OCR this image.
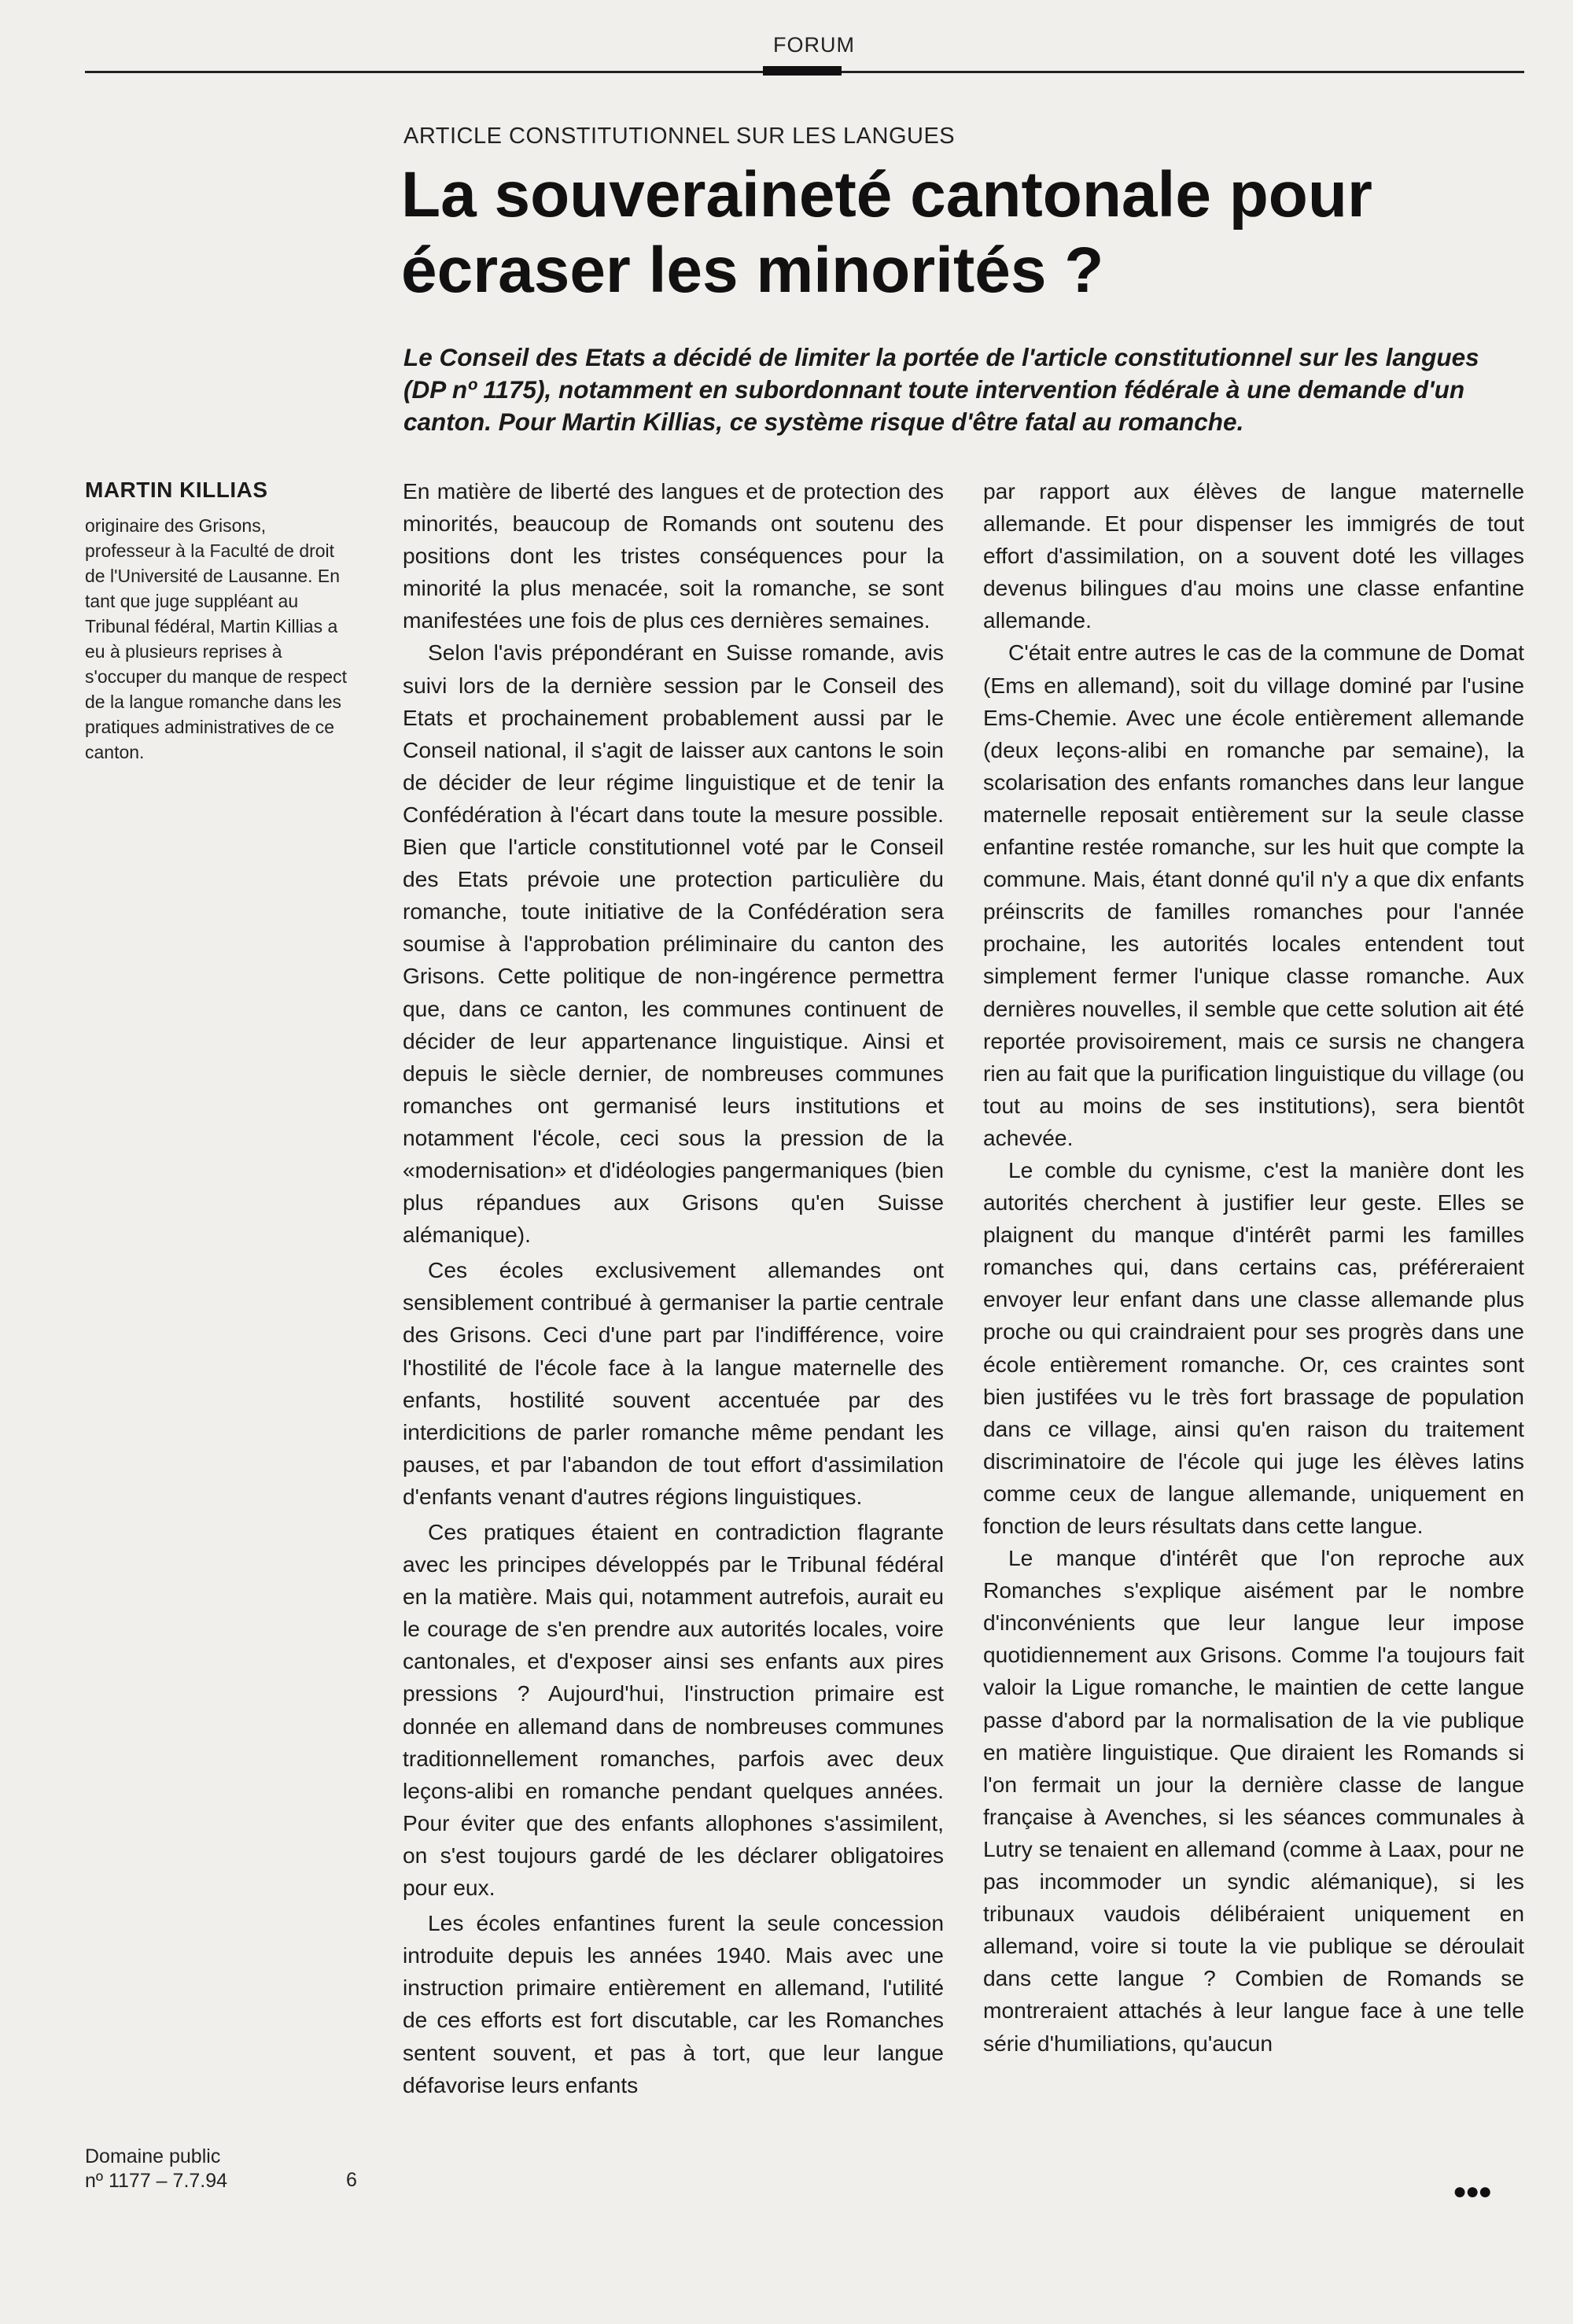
FORUM
ARTICLE CONSTITUTIONNEL SUR LES LANGUES
La souveraineté cantonale pour
écraser les minorités ?

Le Conseil des Etats a décidé de limiter la portée de l'article constitutionnel sur les langues (DP nº 1175), notamment en subordonnant toute intervention fédérale à une demande d'un canton. Pour Martin Killias, ce système risque d'être fatal au romanche.

MARTIN KILLIAS

originaire des Grisons, professeur à la Faculté de droit de l'Université de Lausanne. En tant que juge suppléant au Tribunal fédéral, Martin Killias a eu à plusieurs reprises à s'occuper du manque de respect de la langue romanche dans les pratiques administratives de ce canton.

Domaine public
nº 1177 – 7.7.94	6

En matière de liberté des langues et de protection des minorités, beaucoup de Romands ont soutenu des positions dont les tristes conséquences pour la minorité la plus menacée, soit la romanche, se sont manifestées une fois de plus ces dernières semaines.

Selon l'avis prépondérant en Suisse romande, avis suivi lors de la dernière session par le Conseil des Etats et prochainement probablement aussi par le Conseil national, il s'agit de laisser aux cantons le soin de décider de leur régime linguistique et de tenir la Confédération à l'écart dans toute la mesure possible. Bien que l'article constitutionnel voté par le Conseil des Etats prévoie une protection particulière du romanche, toute initiative de la Confédération sera soumise à l'approbation préliminaire du canton des Grisons. Cette politique de non-ingérence permettra que, dans ce canton, les communes continuent de décider de leur appartenance linguistique. Ainsi et depuis le siècle dernier, de nombreuses communes romanches ont germanisé leurs institutions et notamment l'école, ceci sous la pression de la «modernisation» et d'idéologies pangermaniques (bien plus répandues aux Grisons qu'en Suisse alémanique).

Ces écoles exclusivement allemandes ont sensiblement contribué à germaniser la partie centrale des Grisons. Ceci d'une part par l'indifférence, voire l'hostilité de l'école face à la langue maternelle des enfants, hostilité souvent accentuée par des interdicitions de parler romanche même pendant les pauses, et par l'abandon de tout effort d'assimilation d'enfants venant d'autres régions linguistiques.

Ces pratiques étaient en contradiction flagrante avec les principes développés par le Tribunal fédéral en la matière. Mais qui, notamment autrefois, aurait eu le courage de s'en prendre aux autorités locales, voire cantonales, et d'exposer ainsi ses enfants aux pires pressions ? Aujourd'hui, l'instruction primaire est donnée en allemand dans de nombreuses communes traditionnellement romanches, parfois avec deux leçons-alibi en romanche pendant quelques années. Pour éviter que des enfants allophones s'assimilent, on s'est toujours gardé de les déclarer obligatoires pour eux.

Les écoles enfantines furent la seule concession introduite depuis les années 1940. Mais avec une instruction primaire entièrement en allemand, l'utilité de ces efforts est fort discutable, car les Romanches sentent souvent, et pas à tort, que leur langue défavorise leurs enfants

par rapport aux élèves de langue maternelle allemande. Et pour dispenser les immigrés de tout effort d'assimilation, on a souvent doté les villages devenus bilingues d'au moins une classe enfantine allemande.

C'était entre autres le cas de la commune de Domat (Ems en allemand), soit du village dominé par l'usine Ems-Chemie. Avec une école entièrement allemande (deux leçons-alibi en romanche par semaine), la scolarisation des enfants romanches dans leur langue maternelle reposait entièrement sur la seule classe enfantine restée romanche, sur les huit que compte la commune. Mais, étant donné qu'il n'y a que dix enfants préinscrits de familles romanches pour l'année prochaine, les autorités locales entendent tout simplement fermer l'unique classe romanche. Aux dernières nouvelles, il semble que cette solution ait été reportée provisoirement, mais ce sursis ne changera rien au fait que la purification linguistique du village (ou tout au moins de ses institutions), sera bientôt achevée.

Le comble du cynisme, c'est la manière dont les autorités cherchent à justifier leur geste. Elles se plaignent du manque d'intérêt parmi les familles romanches qui, dans certains cas, préféreraient envoyer leur enfant dans une classe allemande plus proche ou qui craindraient pour ses progrès dans une école entièrement romanche. Or, ces craintes sont bien justifées vu le très fort brassage de population dans ce village, ainsi qu'en raison du traitement discriminatoire de l'école qui juge les élèves latins comme ceux de langue allemande, uniquement en fonction de leurs résultats dans cette langue.

Le manque d'intérêt que l'on reproche aux Romanches s'explique aisément par le nombre d'inconvénients que leur langue leur impose quotidiennement aux Grisons. Comme l'a toujours fait valoir la Ligue romanche, le maintien de cette langue passe d'abord par la normalisation de la vie publique en matière linguistique. Que diraient les Romands si l'on fermait un jour la dernière classe de langue française à Avenches, si les séances communales à Lutry se tenaient en allemand (comme à Laax, pour ne pas incommoder un syndic alémanique), si les tribunaux vaudois délibéraient uniquement en allemand, voire si toute la vie publique se déroulait dans cette langue ? Combien de Romands se montreraient attachés à leur langue face à une telle série d'humiliations, qu'aucun

●●●
